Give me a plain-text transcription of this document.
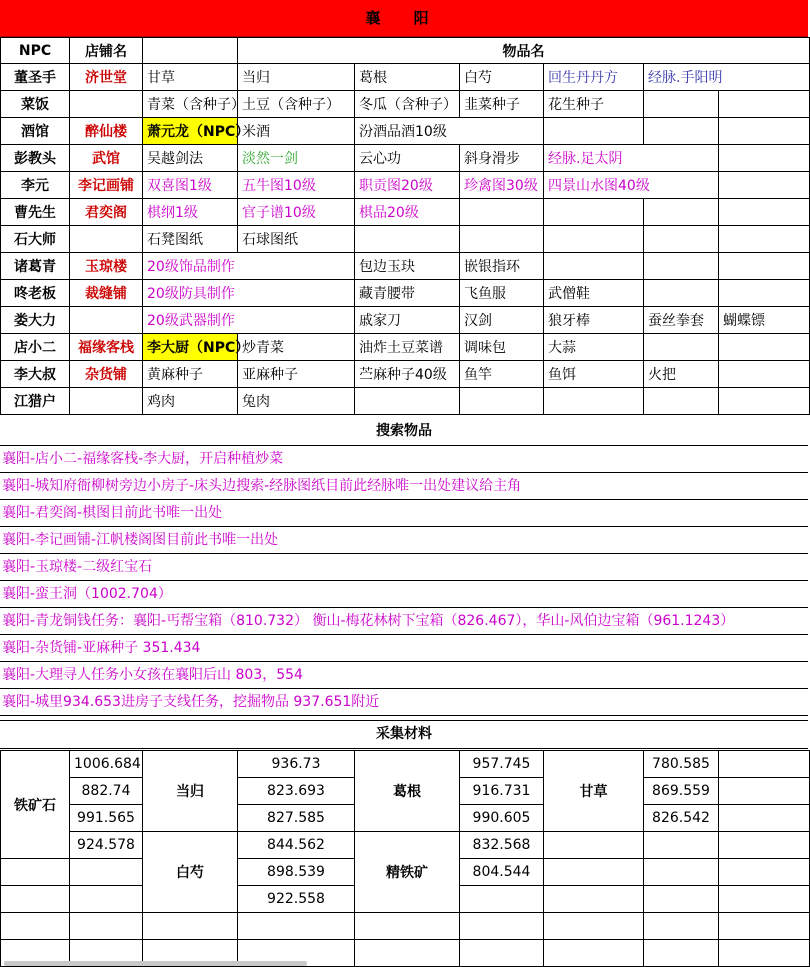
襄 阳
NPC	店铺名		物品名					
董圣手	济世堂	甘草	当归	葛根	白芍	回生丹丹方	经脉.手阳明	
菜饭		青菜（含种子）	土豆（含种子）	冬瓜（含种子）	韭菜种子	花生种子		
酒馆	醉仙楼	萧元龙（NPC）	米酒	汾酒品酒10级				
彭教头	武馆	吴越剑法	淡然一剑	云心功	斜身滑步	经脉.足太阴		
李元	李记画铺	双喜图1级	五牛图10级	职贡图20级	珍禽图30级	四景山水图40级		
曹先生	君奕阁	棋纲1级	官子谱10级	棋品20级				
石大师		石凳图纸	石球图纸					
诸葛青	玉琼楼	20级饰品制作		包边玉玦	嵌银指环			
咚老板	裁缝铺	20级防具制作		藏青腰带	飞鱼服	武僧鞋		
娄大力		20级武器制作		戚家刀	汉剑	狼牙棒	蚕丝拳套	蝴蝶镖
店小二	福缘客栈	李大厨（NPC）	炒青菜	油炸土豆菜谱	调味包	大蒜		
李大叔	杂货铺	黄麻种子	亚麻种子	苎麻种子40级	鱼竿	鱼饵	火把	
江猎户		鸡肉	兔肉					
搜索物品
襄阳-店小二-福缘客栈-李大厨，开启种植炒菜
襄阳-城知府衙柳树旁边小房子-床头边搜索-经脉图纸目前此经脉唯一出处建议给主角
襄阳-君奕阁-棋图目前此书唯一出处
襄阳-李记画铺-江帆楼阁图目前此书唯一出处
襄阳-玉琼楼-二级红宝石
襄阳-蛮王洞（1002.704）
襄阳-青龙铜钱任务：襄阳-丐帮宝箱（810.732） 衡山-梅花林树下宝箱（826.467），华山-风伯边宝箱（961.1243）
襄阳-杂货铺-亚麻种子 351.434
襄阳-大理寻人任务小女孩在襄阳后山 803，554
襄阳-城里934.653进房子支线任务，挖掘物品 937.651附近
采集材料
铁矿石	1006.684	当归	936.73	葛根	957.745	甘草	780.585	
	882.74		823.693		916.731		869.559	
	991.565		827.585		990.605		826.542	
	924.578	白芍	844.562	精铁矿	832.568			
			898.539		804.544			
			922.558					
